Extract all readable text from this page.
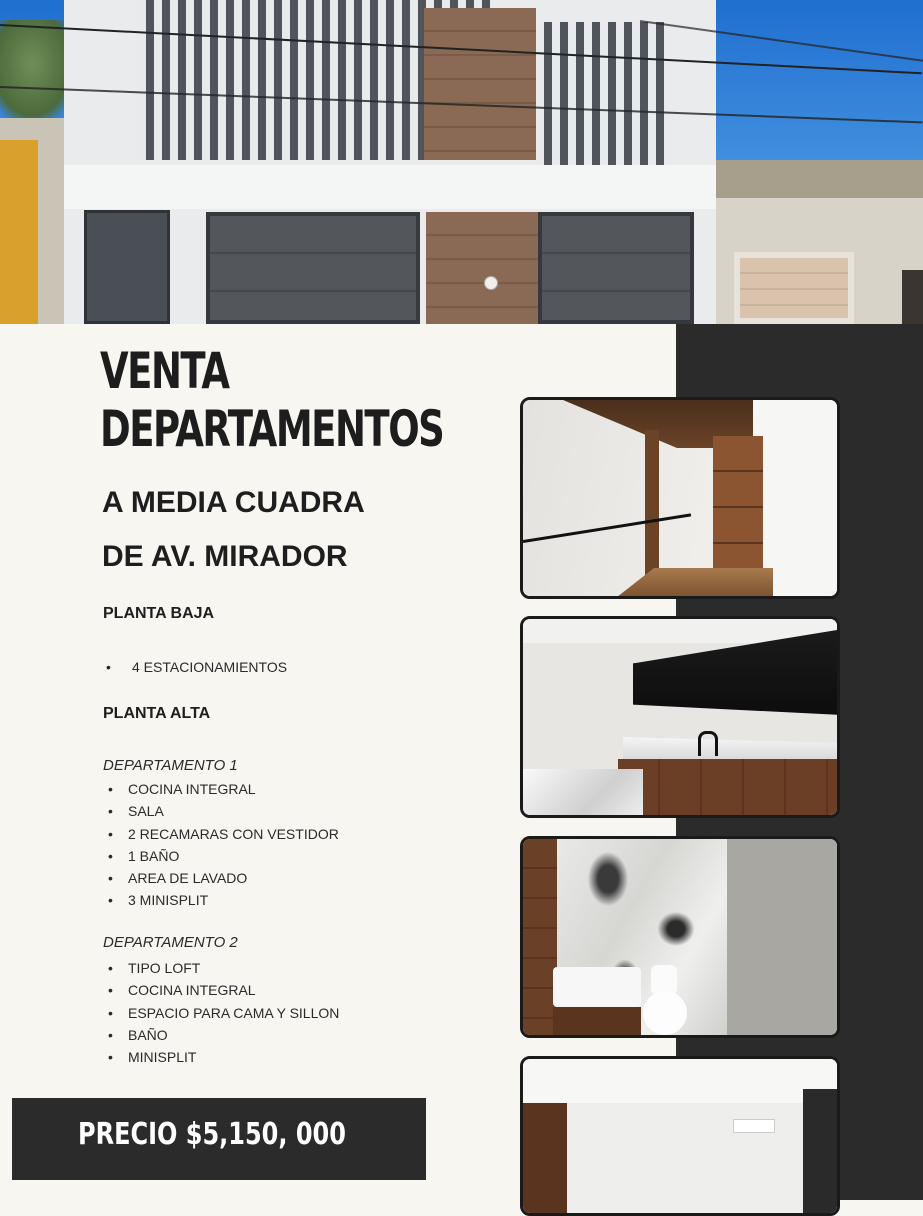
VENTA
DEPARTAMENTOS
A MEDIA CUADRA
DE AV. MIRADOR

PLANTA BAJA

• 4 ESTACIONAMIENTOS

PLANTA ALTA

DEPARTAMENTO 1

• COCINA INTEGRAL
• SALA
• 2 RECAMARAS CON VESTIDOR
• 1 BAÑO
• AREA DE LAVADO
• 3 MINISPLIT

DEPARTAMENTO 2

• TIPO LOFT
• COCINA INTEGRAL
• ESPACIO PARA CAMA Y SILLON
• BAÑO
• MINISPLIT
PRECIO $5,150, 000
